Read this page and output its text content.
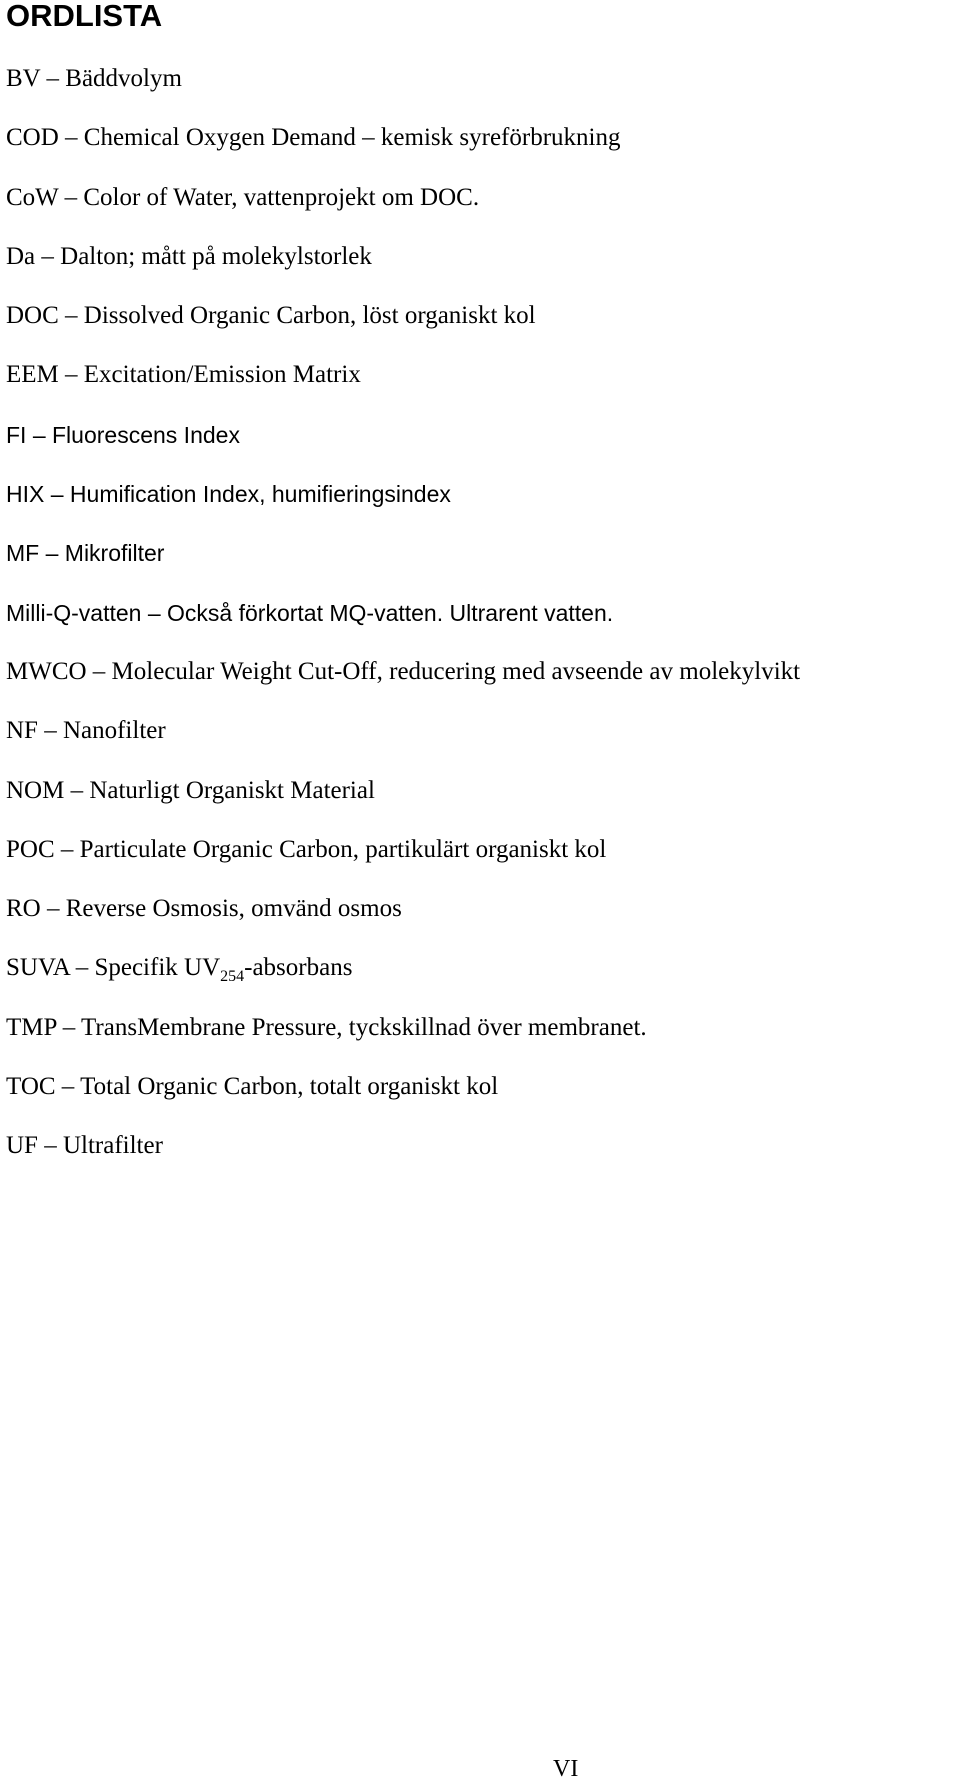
ORDLISTA
BV – Bäddvolym
COD – Chemical Oxygen Demand – kemisk syreförbrukning
CoW – Color of Water, vattenprojekt om DOC.
Da – Dalton; mått på molekylstorlek
DOC – Dissolved Organic Carbon, löst organiskt kol
EEM – Excitation/Emission Matrix
FI – Fluorescens Index
HIX – Humification Index, humifieringsindex
MF – Mikrofilter
Milli-Q-vatten – Också förkortat MQ-vatten. Ultrarent vatten.
MWCO – Molecular Weight Cut-Off, reducering med avseende av molekylvikt
NF – Nanofilter
NOM – Naturligt Organiskt Material
POC – Particulate Organic Carbon, partikulärt organiskt kol
RO – Reverse Osmosis, omvänd osmos
SUVA – Specifik $UV_{254}$-absorbans
TMP – TransMembrane Pressure, tyckskillnad över membranet.
TOC – Total Organic Carbon, totalt organiskt kol
UF – Ultrafilter
VI
